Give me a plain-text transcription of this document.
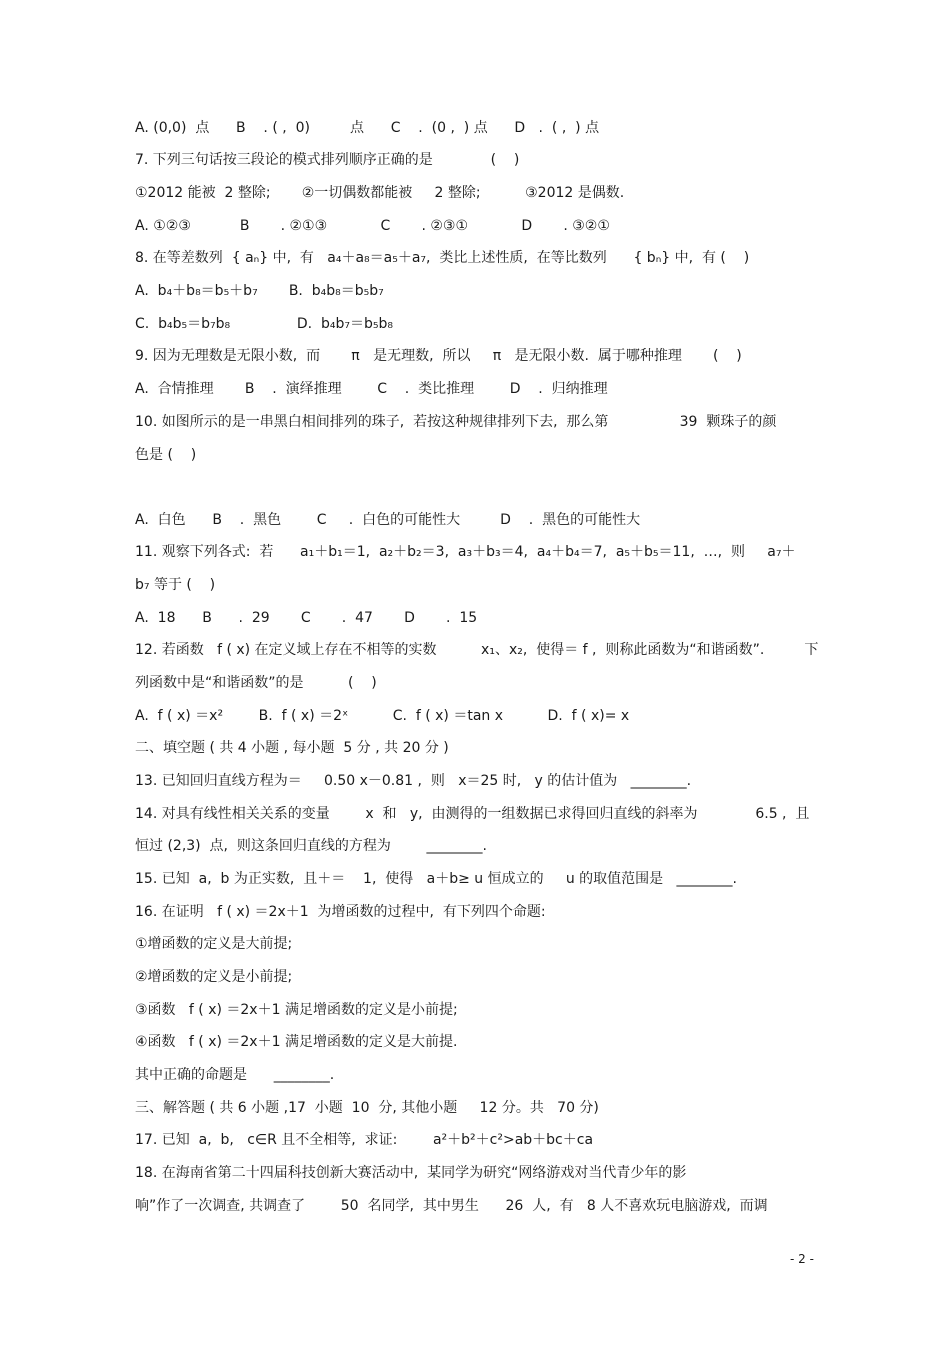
A. (0,0)  点      B    . ( ,  0)         点      C    .  (0 ,  ) 点      D   .  ( ,  ) 点
7. 下列三句话按三段论的模式排列顺序正确的是             (    )
①2012 能被  2 整除;       ②一切偶数都能被     2 整除;          ③2012 是偶数.
A. ①②③           B       . ②①③            C       . ②③①            D       . ③②①
8. 在等差数列  { aₙ} 中,  有   a₄＋a₈＝a₅＋a₇,  类比上述性质,  在等比数列      { bₙ} 中,  有 (    )
A.  b₄＋b₈＝b₅＋b₇       B.  b₄b₈＝b₅b₇
C.  b₄b₅＝b₇b₈               D.  b₄b₇＝b₅b₈
9. 因为无理数是无限小数,  而       π   是无理数,  所以     π   是无限小数.  属于哪种推理       (    )
A.  合情推理       B    .  演绎推理        C    .  类比推理        D    .  归纳推理
10. 如图所示的是一串黑白相间排列的珠子,  若按这种规律排列下去,  那么第                39  颗珠子的颜
色是 (    )
A.  白色      B    .  黑色        C     .  白色的可能性大         D    .  黑色的可能性大
11. 观察下列各式:  若      a₁＋b₁＝1,  a₂＋b₂＝3,  a₃＋b₃＝4,  a₄＋b₄＝7,  a₅＋b₅＝11,  …,  则     a₇＋
b₇ 等于 (    )
A.  18      B      .  29       C       .  47       D       .  15
12. 若函数   f ( x) 在定义域上存在不相等的实数          x₁、x₂,  使得＝ f ,  则称此函数为“和谐函数”.         下
列函数中是“和谐函数”的是          (    )
A.  f ( x) ＝x²        B.  f ( x) ＝2ˣ          C.  f ( x) ＝tan x          D.  f ( x)= x
二、填空题 ( 共 4 小题 , 每小题  5 分 , 共 20 分 )
13. 已知回归直线方程为＝     0.50 x－0.81 ,  则   x＝25 时,   y 的估计值为   ________.
14. 对具有线性相关关系的变量        x  和   y,  由测得的一组数据已求得回归直线的斜率为             6.5 ,  且
恒过 (2,3)  点,  则这条回归直线的方程为        ________.
15. 已知  a,  b 为正实数,  且＋＝    1,  使得   a＋b≥ u 恒成立的     u 的取值范围是   ________.
16. 在证明   f ( x) ＝2x＋1  为增函数的过程中,  有下列四个命题:
①增函数的定义是大前提;
②增函数的定义是小前提;
③函数   f ( x) ＝2x＋1 满足增函数的定义是小前提;
④函数   f ( x) ＝2x＋1 满足增函数的定义是大前提.
其中正确的命题是      ________.
三、解答题 ( 共 6 小题 ,17  小题  10  分, 其他小题     12 分。共   70 分)
17. 已知  a,  b,   c∈R 且不全相等,  求证:        a²＋b²＋c²>ab＋bc＋ca
18. 在海南省第二十四届科技创新大赛活动中,  某同学为研究“网络游戏对当代青少年的影
响”作了一次调查, 共调查了        50  名同学,  其中男生      26  人,  有   8 人不喜欢玩电脑游戏,  而调
- 2 -
